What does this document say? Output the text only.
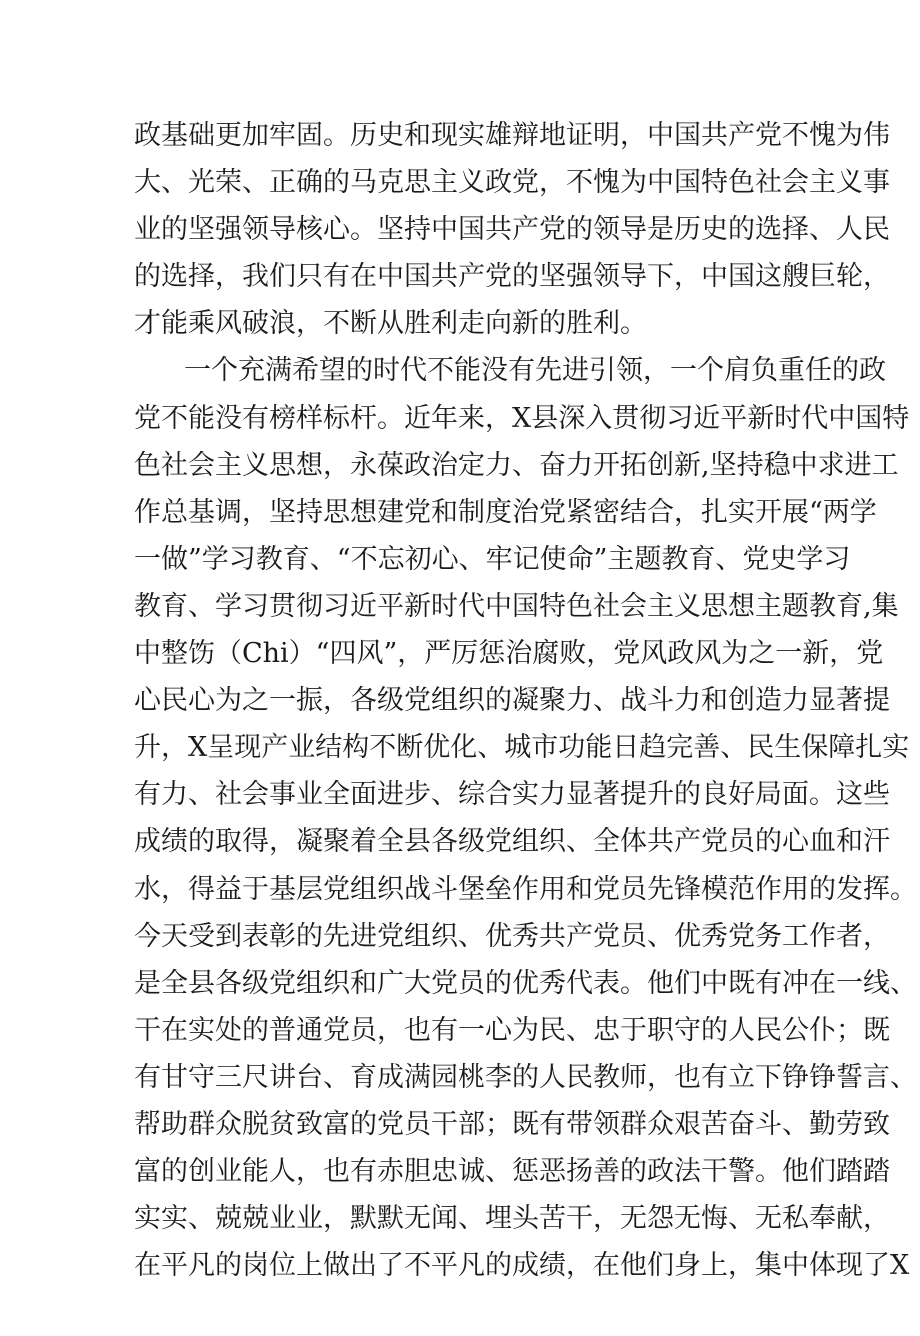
政基础更加牢固。历史和现实雄辩地证明，中国共产党不愧为伟
大、光荣、正确的马克思主义政党，不愧为中国特色社会主义事
业的坚强领导核心。坚持中国共产党的领导是历史的选择、人民
的选择，我们只有在中国共产党的坚强领导下，中国这艘巨轮，
才能乘风破浪，不断从胜利走向新的胜利。
一个充满希望的时代不能没有先进引领，一个肩负重任的政
党不能没有榜样标杆。近年来，X县深入贯彻习近平新时代中国特
色社会主义思想，永葆政治定力、奋力开拓创新,坚持稳中求进工
作总基调，坚持思想建党和制度治党紧密结合，扎实开展“两学
一做”学习教育、“不忘初心、牢记使命”主题教育、党史学习
教育、学习贯彻习近平新时代中国特色社会主义思想主题教育,集
中整饬（Chi）“四风”，严厉惩治腐败，党风政风为之一新，党
心民心为之一振，各级党组织的凝聚力、战斗力和创造力显著提
升，X呈现产业结构不断优化、城市功能日趋完善、民生保障扎实
有力、社会事业全面进步、综合实力显著提升的良好局面。这些
成绩的取得，凝聚着全县各级党组织、全体共产党员的心血和汗
水，得益于基层党组织战斗堡垒作用和党员先锋模范作用的发挥。
今天受到表彰的先进党组织、优秀共产党员、优秀党务工作者，
是全县各级党组织和广大党员的优秀代表。他们中既有冲在一线、
干在实处的普通党员，也有一心为民、忠于职守的人民公仆；既
有甘守三尺讲台、育成满园桃李的人民教师，也有立下铮铮誓言、
帮助群众脱贫致富的党员干部；既有带领群众艰苦奋斗、勤劳致
富的创业能人，也有赤胆忠诚、惩恶扬善的政法干警。他们踏踏
实实、兢兢业业，默默无闻、埋头苦干，无怨无悔、无私奉献，
在平凡的岗位上做出了不平凡的成绩，在他们身上，集中体现了X
